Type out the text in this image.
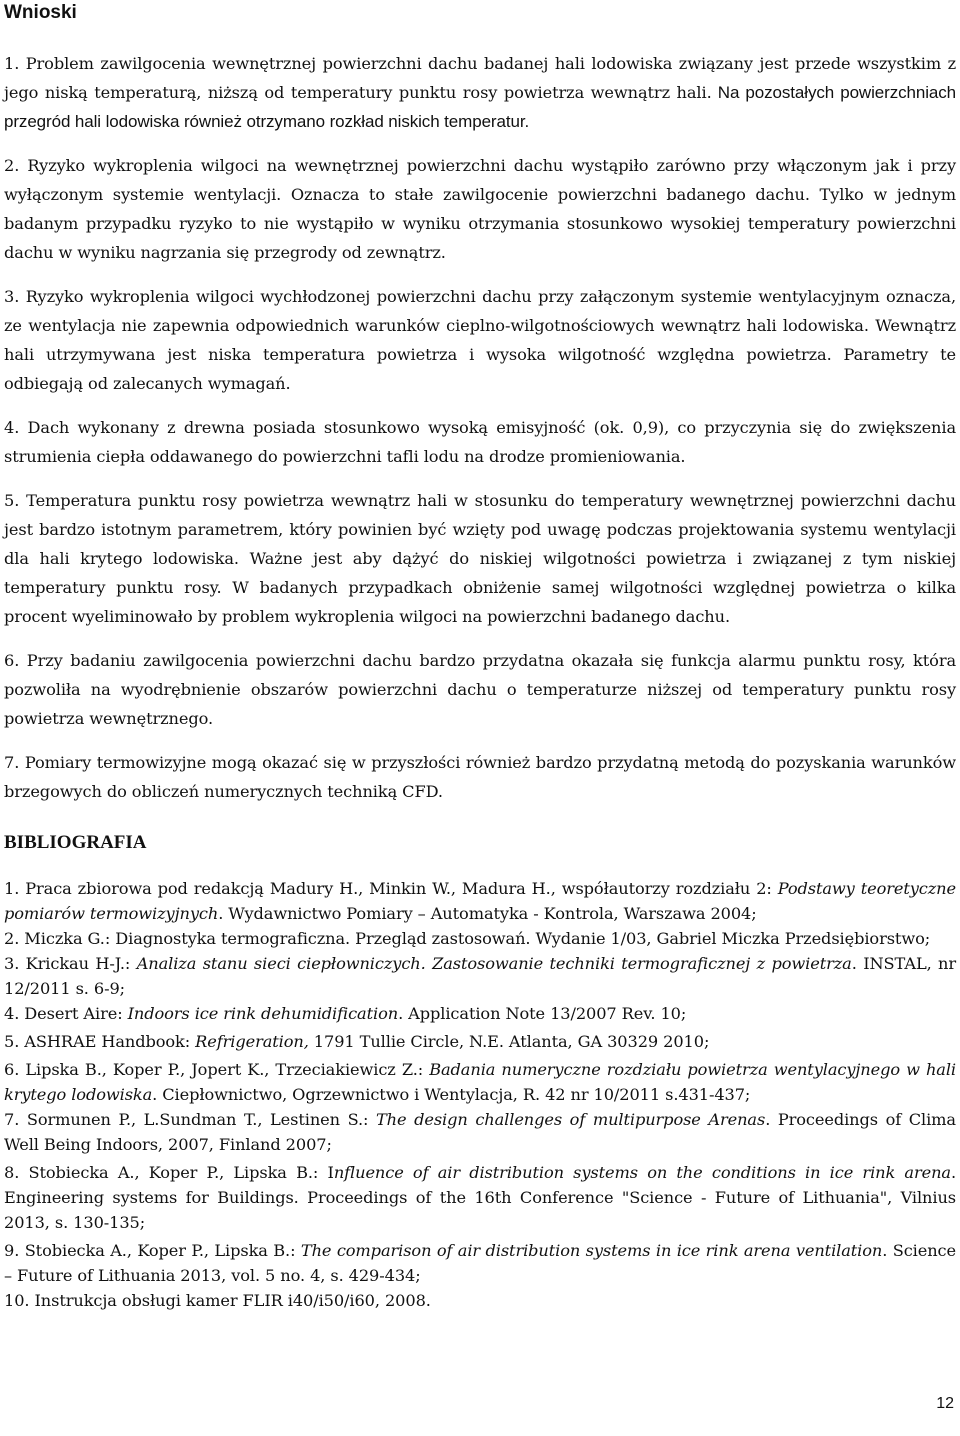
Wnioski

1. Problem zawilgocenia wewnętrznej powierzchni dachu badanej hali lodowiska związany jest przede wszystkim z jego niską temperaturą, niższą od temperatury punktu rosy powietrza wewnątrz hali. Na pozostałych powierzchniach przegród hali lodowiska również otrzymano rozkład niskich temperatur.

2. Ryzyko wykroplenia wilgoci na wewnętrznej powierzchni dachu wystąpiło zarówno przy włączonym jak i przy wyłączonym systemie wentylacji. Oznacza to stałe zawilgocenie powierzchni badanego dachu. Tylko w jednym badanym przypadku ryzyko to nie wystąpiło w wyniku otrzymania stosunkowo wysokiej temperatury powierzchni dachu w wyniku nagrzania się przegrody od zewnątrz.

3. Ryzyko wykroplenia wilgoci wychłodzonej powierzchni dachu przy załączonym systemie wentylacyjnym oznacza, ze wentylacja nie zapewnia odpowiednich warunków cieplno-wilgotnościowych wewnątrz hali lodowiska. Wewnątrz hali utrzymywana jest niska temperatura powietrza i wysoka wilgotność względna powietrza. Parametry te odbiegają od zalecanych wymagań.

4. Dach wykonany z drewna posiada stosunkowo wysoką emisyjność (ok. 0,9), co przyczynia się do zwiększenia strumienia ciepła oddawanego do powierzchni tafli lodu na drodze promieniowania.

5. Temperatura punktu rosy powietrza wewnątrz hali w stosunku do temperatury wewnętrznej powierzchni dachu jest bardzo istotnym parametrem, który powinien być wzięty pod uwagę podczas projektowania systemu wentylacji dla hali krytego lodowiska. Ważne jest aby dążyć do niskiej wilgotności powietrza i związanej z tym niskiej temperatury punktu rosy. W badanych przypadkach obniżenie samej wilgotności względnej powietrza o kilka procent wyeliminowało by problem wykroplenia wilgoci na powierzchni badanego dachu.

6. Przy badaniu zawilgocenia powierzchni dachu bardzo przydatna okazała się funkcja alarmu punktu rosy, która pozwoliła na wyodrębnienie obszarów powierzchni dachu o temperaturze niższej od temperatury punktu rosy powietrza wewnętrznego.

7. Pomiary termowizyjne mogą okazać się w przyszłości również bardzo przydatną metodą do pozyskania warunków brzegowych do obliczeń numerycznych techniką CFD.

BIBLIOGRAFIA

1. Praca zbiorowa pod redakcją Madury H., Minkin W., Madura H., współautorzy rozdziału 2: Podstawy teoretyczne pomiarów termowizyjnych. Wydawnictwo Pomiary – Automatyka - Kontrola, Warszawa 2004;

2. Miczka G.: Diagnostyka termograficzna. Przegląd zastosowań. Wydanie 1/03, Gabriel Miczka Przedsiębiorstwo;

3. Krickau H-J.: Analiza stanu sieci ciepłowniczych. Zastosowanie techniki termograficznej z powietrza. INSTAL, nr 12/2011 s. 6-9;

4. Desert Aire: Indoors ice rink dehumidification. Application Note 13/2007 Rev. 10;

5. ASHRAE Handbook: Refrigeration, 1791 Tullie Circle, N.E. Atlanta, GA 30329 2010;

6. Lipska B., Koper P., Jopert K., Trzeciakiewicz Z.: Badania numeryczne rozdziału powietrza wentylacyjnego w hali krytego lodowiska. Ciepłownictwo, Ogrzewnictwo i Wentylacja, R. 42 nr 10/2011 s.431-437;

7. Sormunen P., L.Sundman T., Lestinen S.: The design challenges of multipurpose Arenas. Proceedings of Clima Well Being Indoors, 2007, Finland 2007;

8. Stobiecka A., Koper P., Lipska B.: Influence of air distribution systems on the conditions in ice rink arena. Engineering systems for Buildings. Proceedings of the 16th Conference "Science - Future of Lithuania", Vilnius 2013, s. 130-135;

9. Stobiecka A., Koper P., Lipska B.: The comparison of air distribution systems in ice rink arena ventilation. Science – Future of Lithuania 2013, vol. 5 no. 4, s. 429-434;

10. Instrukcja obsługi kamer FLIR i40/i50/i60, 2008.

12
